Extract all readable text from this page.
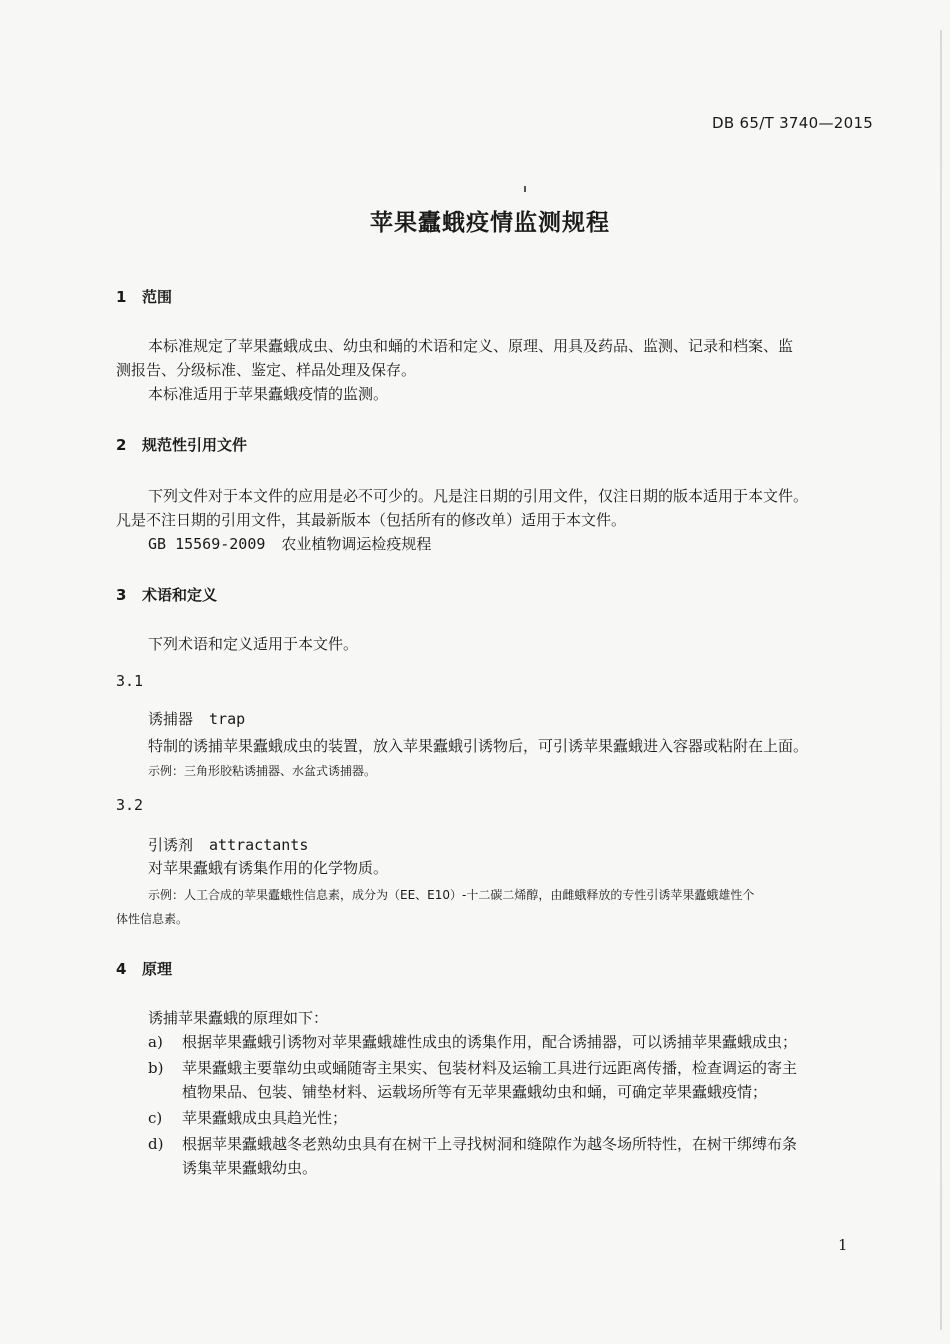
DB 65/T 3740—2015
苹果蠹蛾疫情监测规程
1 范围
本标准规定了苹果蠹蛾成虫、幼虫和蛹的术语和定义、原理、用具及药品、监测、记录和档案、监
测报告、分级标准、鉴定、样品处理及保存。
本标准适用于苹果蠹蛾疫情的监测。
2 规范性引用文件
下列文件对于本文件的应用是必不可少的。凡是注日期的引用文件，仅注日期的版本适用于本文件。
凡是不注日期的引用文件，其最新版本（包括所有的修改单）适用于本文件。
GB 15569-2009 农业植物调运检疫规程
3 术语和定义
下列术语和定义适用于本文件。
3.1
诱捕器 trap
特制的诱捕苹果蠹蛾成虫的装置，放入苹果蠹蛾引诱物后，可引诱苹果蠹蛾进入容器或粘附在上面。
示例：三角形胶粘诱捕器、水盆式诱捕器。
3.2
引诱剂 attractants
对苹果蠹蛾有诱集作用的化学物质。
示例：人工合成的苹果蠹蛾性信息素，成分为（EE、E10）-十二碳二烯醇，由雌蛾释放的专性引诱苹果蠹蛾雄性个
体性信息素。
4 原理
诱捕苹果蠹蛾的原理如下：
a) 根据苹果蠹蛾引诱物对苹果蠹蛾雄性成虫的诱集作用，配合诱捕器，可以诱捕苹果蠹蛾成虫；
b) 苹果蠹蛾主要靠幼虫或蛹随寄主果实、包装材料及运输工具进行远距离传播，检查调运的寄主
植物果品、包装、铺垫材料、运载场所等有无苹果蠹蛾幼虫和蛹，可确定苹果蠹蛾疫情；
c) 苹果蠹蛾成虫具趋光性；
d) 根据苹果蠹蛾越冬老熟幼虫具有在树干上寻找树洞和缝隙作为越冬场所特性，在树干绑缚布条
诱集苹果蠹蛾幼虫。
1
